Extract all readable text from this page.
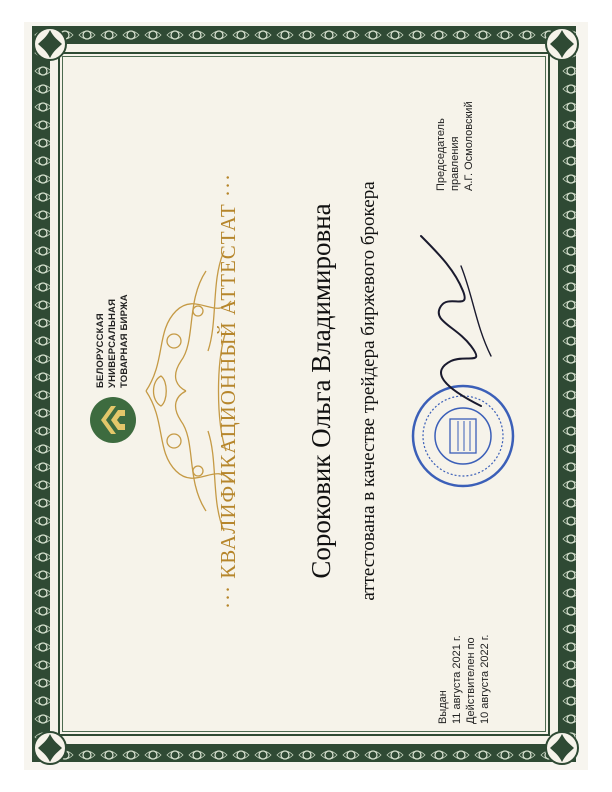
БЕЛОРУССКАЯ УНИВЕРСАЛЬНАЯ ТОВАРНАЯ БИРЖА	··· КВАЛИФИКАЦИОННЫЙ АТТЕСТАТ ··· Сороковик Ольга Владимировна аттестована в качестве трейдера биржевого брокера
Выдан 11 августа 2021 г. Действителен по 10 августа 2022 г.
Председатель правления А.Г. Осмоловский
